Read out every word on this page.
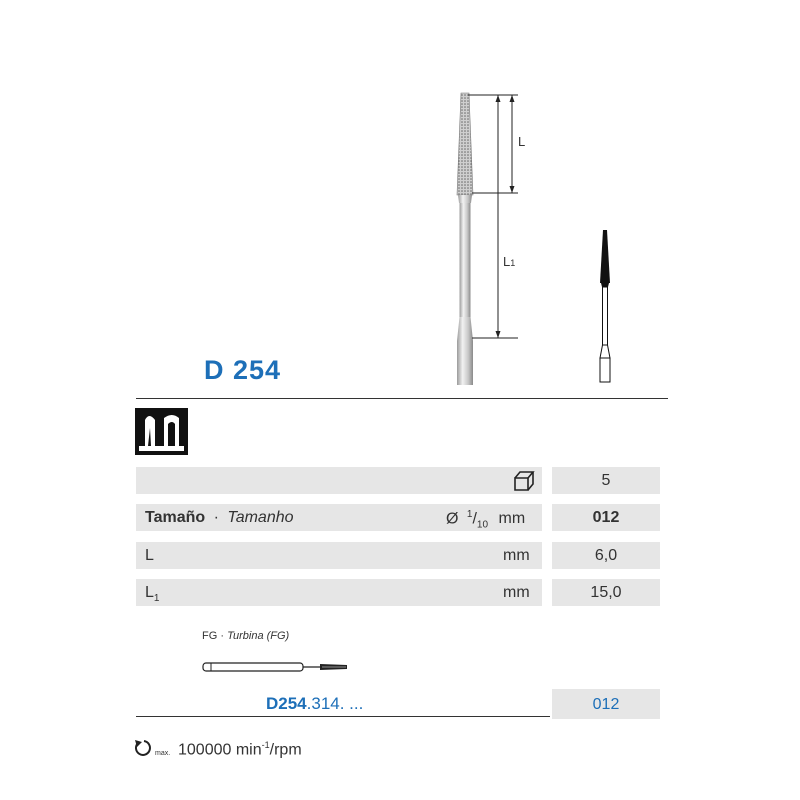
L
L1
D 254
5
Tamaño · Tamanho	Ø $^1/_{10}$ mm	012
L	mm	6,0
$L_1$	mm	15,0
FG · Turbina (FG)
D254.314. ...	012
max. 100000 $\min^{-1}$/rpm
